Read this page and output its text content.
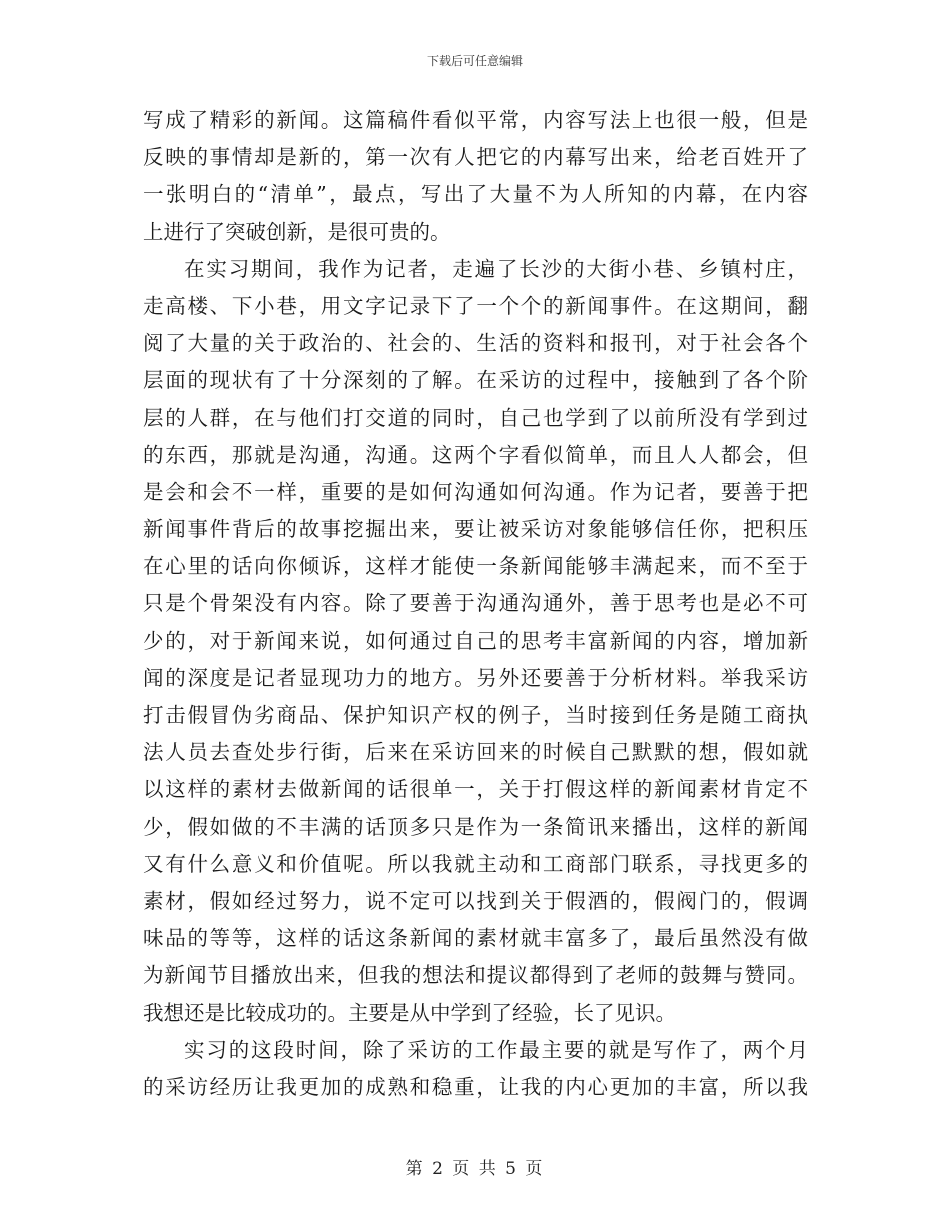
下载后可任意编辑
写成了精彩的新闻。这篇稿件看似平常，内容写法上也很一般，但是
反映的事情却是新的，第一次有人把它的内幕写出来，给老百姓开了
一张明白的“清单”，最点，写出了大量不为人所知的内幕，在内容
上进行了突破创新，是很可贵的。
在实习期间，我作为记者，走遍了长沙的大街小巷、乡镇村庄，
走高楼、下小巷，用文字记录下了一个个的新闻事件。在这期间，翻
阅了大量的关于政治的、社会的、生活的资料和报刊，对于社会各个
层面的现状有了十分深刻的了解。在采访的过程中，接触到了各个阶
层的人群，在与他们打交道的同时，自己也学到了以前所没有学到过
的东西，那就是沟通，沟通。这两个字看似简单，而且人人都会，但
是会和会不一样，重要的是如何沟通如何沟通。作为记者，要善于把
新闻事件背后的故事挖掘出来，要让被采访对象能够信任你，把积压
在心里的话向你倾诉，这样才能使一条新闻能够丰满起来，而不至于
只是个骨架没有内容。除了要善于沟通沟通外，善于思考也是必不可
少的，对于新闻来说，如何通过自己的思考丰富新闻的内容，增加新
闻的深度是记者显现功力的地方。另外还要善于分析材料。举我采访
打击假冒伪劣商品、保护知识产权的例子，当时接到任务是随工商执
法人员去查处步行街，后来在采访回来的时候自己默默的想，假如就
以这样的素材去做新闻的话很单一，关于打假这样的新闻素材肯定不
少，假如做的不丰满的话顶多只是作为一条简讯来播出，这样的新闻
又有什么意义和价值呢。所以我就主动和工商部门联系，寻找更多的
素材，假如经过努力，说不定可以找到关于假酒的，假阀门的，假调
味品的等等，这样的话这条新闻的素材就丰富多了，最后虽然没有做
为新闻节目播放出来，但我的想法和提议都得到了老师的鼓舞与赞同。
我想还是比较成功的。主要是从中学到了经验，长了见识。
实习的这段时间，除了采访的工作最主要的就是写作了，两个月
的采访经历让我更加的成熟和稳重，让我的内心更加的丰富，所以我
第 2 页 共 5 页
